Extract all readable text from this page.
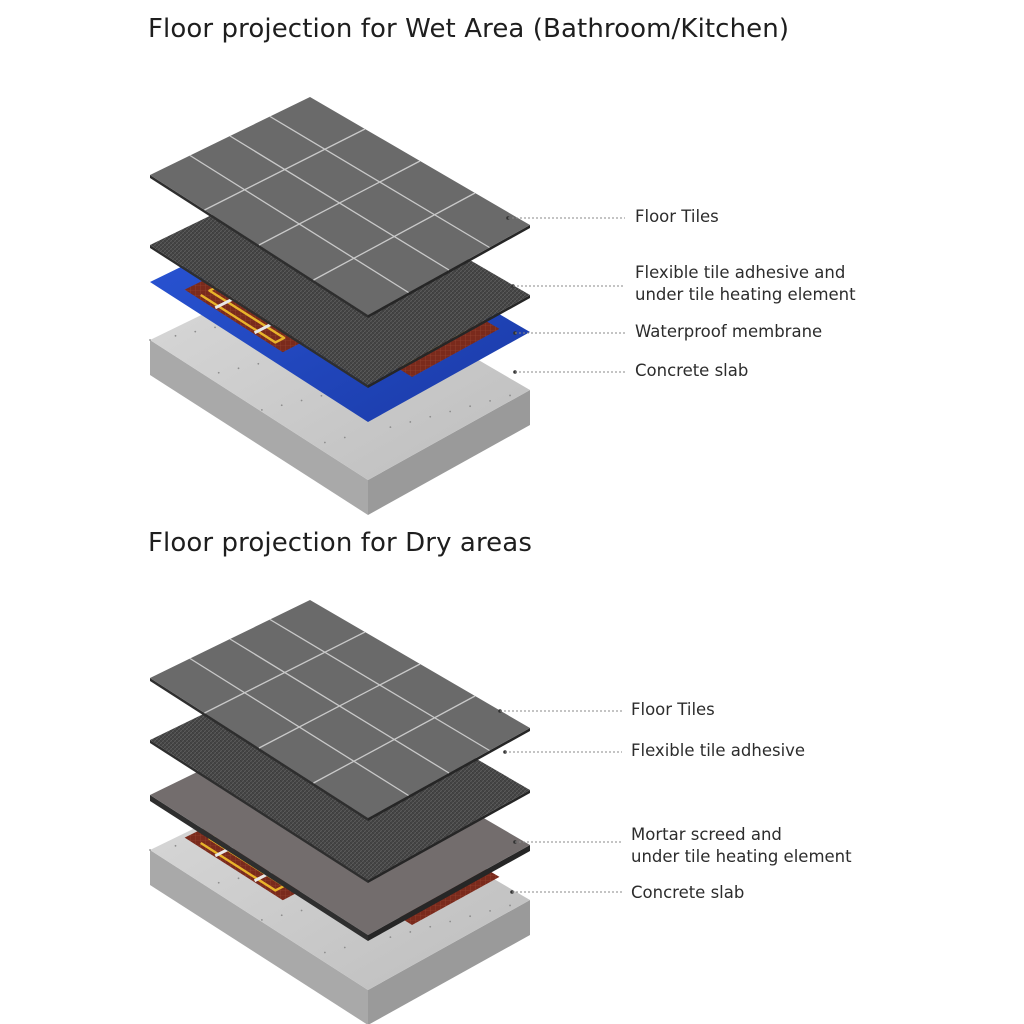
Floor projection for Wet Area (Bathroom/Kitchen)
Floor projection for Dry areas
Floor Tiles
Flexible tile adhesive and
under tile heating element
Waterproof membrane
Concrete slab
Floor Tiles
Flexible tile adhesive
Mortar screed and
under tile heating element
Concrete slab
